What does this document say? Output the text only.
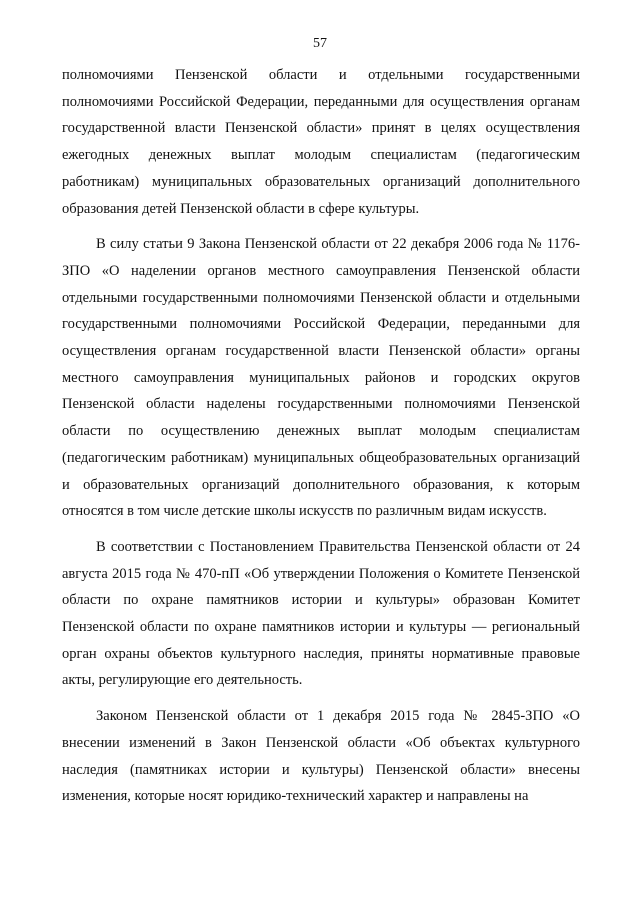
57

полномочиями Пензенской области и отдельными государственными полномочиями Российской Федерации, переданными для осуществления органам государственной власти Пензенской области» принят в целях осуществления ежегодных денежных выплат молодым специалистам (педагогическим работникам) муниципальных образовательных организаций дополнительного образования детей Пензенской области в сфере культуры.

В силу статьи 9 Закона Пензенской области от 22 декабря 2006 года № 1176-ЗПО «О наделении органов местного самоуправления Пензенской области отдельными государственными полномочиями Пензенской области и отдельными государственными полномочиями Российской Федерации, переданными для осуществления органам государственной власти Пензенской области» органы местного самоуправления муниципальных районов и городских округов Пензенской области наделены государственными полномочиями Пензенской области по осуществлению денежных выплат молодым специалистам (педагогическим работникам) муниципальных общеобразовательных организаций и образовательных организаций дополнительного образования, к которым относятся в том числе детские школы искусств по различным видам искусств.

В соответствии с Постановлением Правительства Пензенской области от 24 августа 2015 года № 470-пП «Об утверждении Положения о Комитете Пензенской области по охране памятников истории и культуры» образован Комитет Пензенской области по охране памятников истории и культуры — региональный орган охраны объектов культурного наследия, приняты нормативные правовые акты, регулирующие его деятельность.

Законом Пензенской области от 1 декабря 2015 года № 2845-ЗПО «О внесении изменений в Закон Пензенской области «Об объектах культурного наследия (памятниках истории и культуры) Пензенской области» внесены изменения, которые носят юридико-технический характер и направлены на
